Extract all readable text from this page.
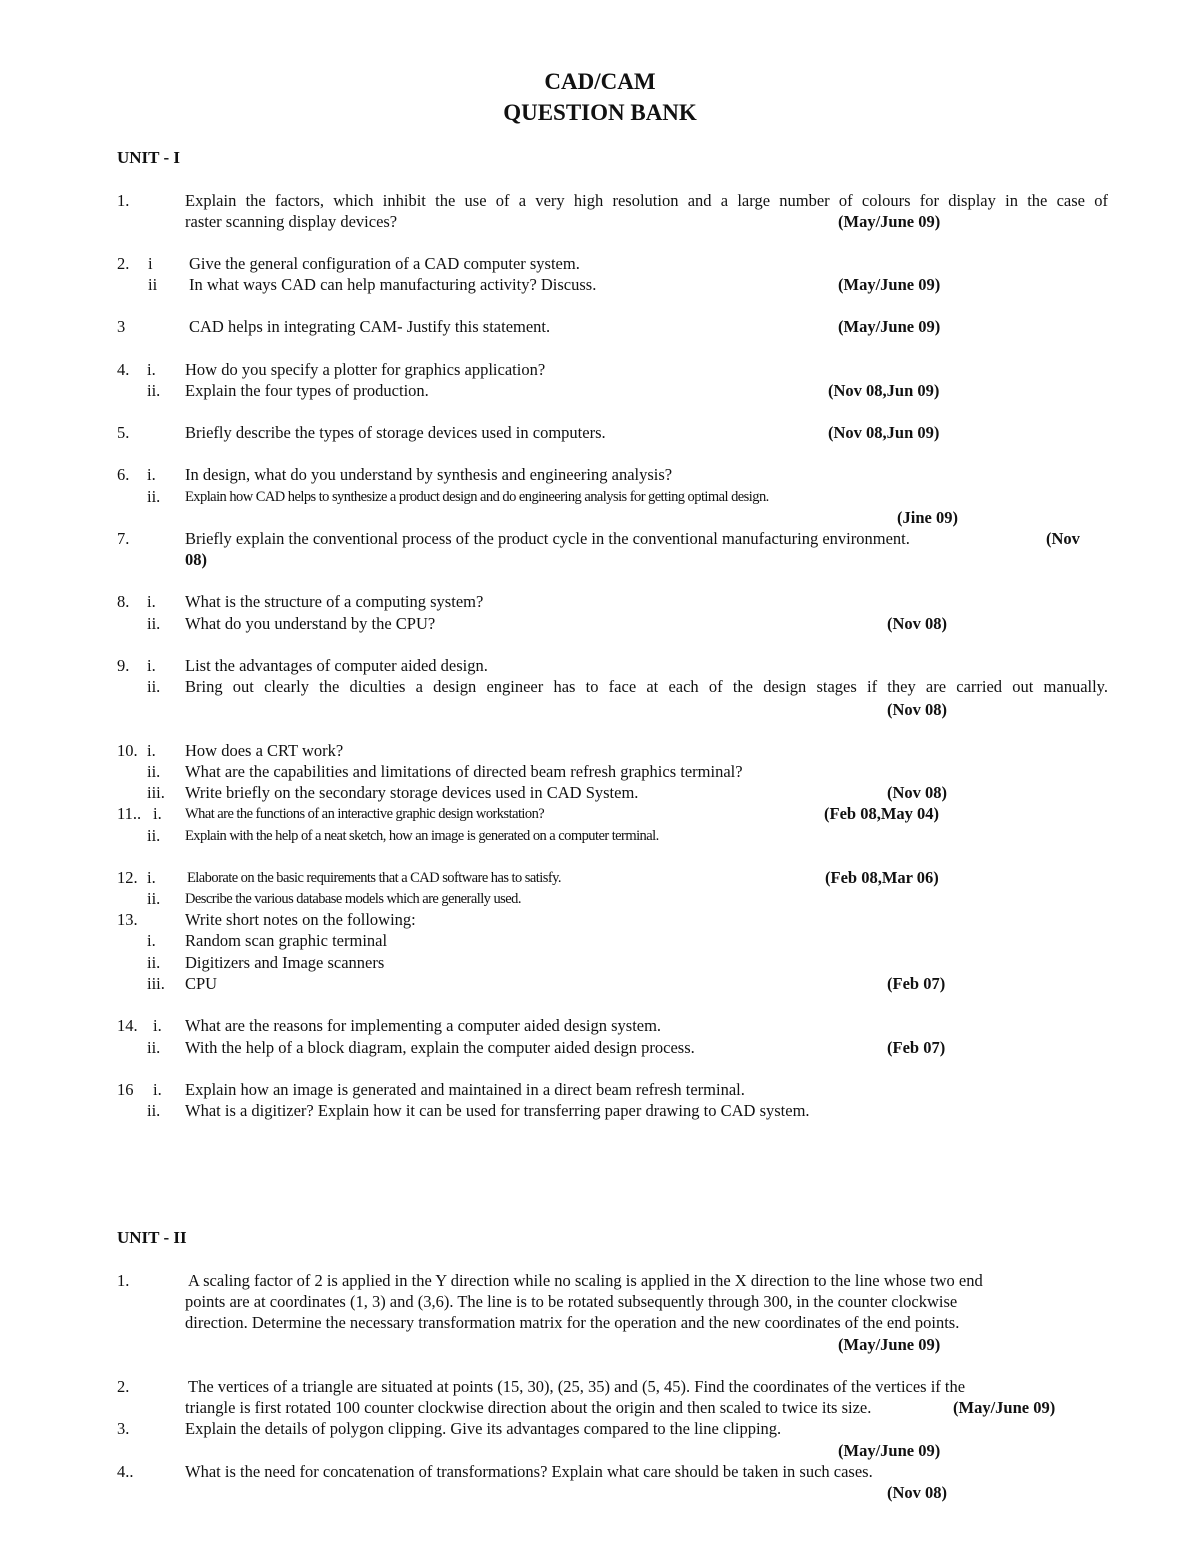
CAD/CAM
QUESTION BANK
UNIT - I
1.	Explain the factors, which inhibit the use of a very high resolution and a large number of colours for display in the case of
raster scanning display devices?	(May/June 09)
2. i Give the general configuration of a CAD computer system.
ii In what ways CAD can help manufacturing activity? Discuss.	(May/June 09)
3	CAD helps in integrating CAM- Justify this statement.	(May/June 09)
4. i. How do you specify a plotter for graphics application?
ii. Explain the four types of production.	(Nov 08,Jun 09)
5.	Briefly describe the types of storage devices used in computers.	(Nov 08,Jun 09)
6. i. In design, what do you understand by synthesis and engineering analysis?
ii. Explain how CAD helps to synthesize a product design and do engineering analysis for getting optimal design.
(Jine 09)
7.	Briefly explain the conventional process of the product cycle in the conventional manufacturing environment.	(Nov
08)
8. i. What is the structure of a computing system?
ii. What do you understand by the CPU?	(Nov 08)
9. i. List the advantages of computer aided design.
ii. Bring out clearly the diculties a design engineer has to face at each of the design stages if they are carried out manually.
(Nov 08)
10. i. How does a CRT work?
ii. What are the capabilities and limitations of directed beam refresh graphics terminal?
iii. Write briefly on the secondary storage devices used in CAD System.	(Nov 08)
11.. i. What are the functions of an interactive graphic design workstation?	(Feb 08,May 04)
ii. Explain with the help of a neat sketch, how an image is generated on a computer terminal.
12. i. Elaborate on the basic requirements that a CAD software has to satisfy.	(Feb 08,Mar 06)
ii. Describe the various database models which are generally used.
13.	Write short notes on the following:
i. Random scan graphic terminal
ii. Digitizers and Image scanners
iii. CPU	(Feb 07)
14. i. What are the reasons for implementing a computer aided design system.
ii. With the help of a block diagram, explain the computer aided design process.	(Feb 07)
16 i. Explain how an image is generated and maintained in a direct beam refresh terminal.
ii. What is a digitizer? Explain how it can be used for transferring paper drawing to CAD system.
UNIT - II
1.	A scaling factor of 2 is applied in the Y direction while no scaling is applied in the X direction to the line whose two end
points are at coordinates (1, 3) and (3,6). The line is to be rotated subsequently through 300, in the counter clockwise
direction. Determine the necessary transformation matrix for the operation and the new coordinates of the end points.
(May/June 09)
2.	The vertices of a triangle are situated at points (15, 30), (25, 35) and (5, 45). Find the coordinates of the vertices if the
triangle is first rotated 100 counter clockwise direction about the origin and then scaled to twice its size.	(May/June 09)
3.	Explain the details of polygon clipping. Give its advantages compared to the line clipping.
(May/June 09)
4..	What is the need for concatenation of transformations? Explain what care should be taken in such cases.
(Nov 08)
